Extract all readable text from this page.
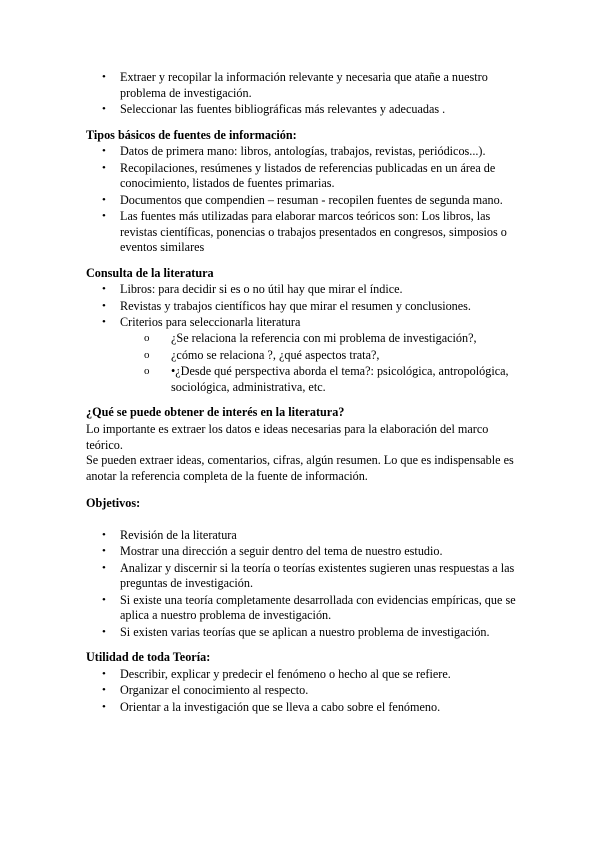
• Extraer y recopilar la información relevante y necesaria que atañe a nuestro problema de investigación.
• Seleccionar las fuentes bibliográficas más relevantes y adecuadas .
Tipos básicos de fuentes de información:
• Datos de primera mano: libros, antologías, trabajos, revistas, periódicos...).
• Recopilaciones, resúmenes y listados de referencias publicadas en un área de conocimiento, listados de fuentes primarias.
• Documentos que compendien – resuman - recopilen fuentes de segunda mano.
• Las fuentes más utilizadas para elaborar marcos teóricos son: Los libros, las revistas científicas, ponencias o trabajos presentados en congresos, simposios o eventos similares
Consulta de la literatura
• Libros: para decidir si es o no útil hay que mirar el índice.
• Revistas y trabajos científicos hay que mirar el resumen y conclusiones.
• Criterios para seleccionarla literatura
o ¿Se relaciona la referencia con mi problema de investigación?,
o ¿cómo se relaciona ?, ¿qué aspectos trata?,
o •¿Desde qué perspectiva aborda el tema?: psicológica, antropológica, sociológica, administrativa, etc.
¿Qué se puede obtener de interés en la literatura?

Lo importante es extraer los datos e ideas necesarias para la elaboración del marco teórico.

Se pueden extraer ideas, comentarios, cifras, algún resumen. Lo que es indispensable es anotar la referencia completa de la fuente de información.

Objetivos:
• Revisión de la literatura
• Mostrar una dirección a seguir dentro del tema de nuestro estudio.
• Analizar y discernir si la teoría o teorías existentes sugieren unas respuestas a las preguntas de investigación.
• Si existe una teoría completamente desarrollada con evidencias empíricas, que se aplica a nuestro problema de investigación.
• Si existen varias teorías que se aplican a nuestro problema de investigación.
Utilidad de toda Teoría:
• Describir, explicar y predecir el fenómeno o hecho al que se refiere.
• Organizar el conocimiento al respecto.
• Orientar a la investigación que se lleva a cabo sobre el fenómeno.
